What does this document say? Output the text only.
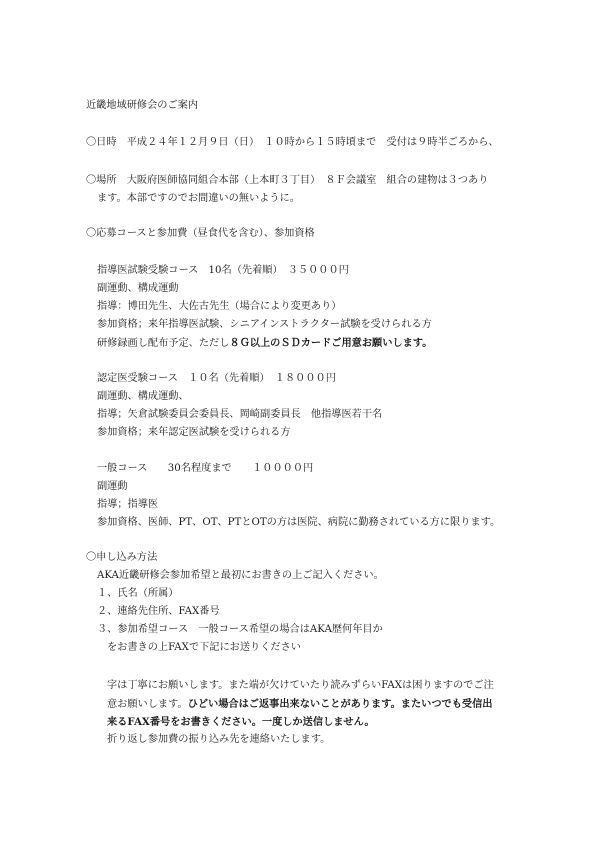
近畿地域研修会のご案内
〇日時　平成２４年１２月９日（日）　１０時から１５時頃まで　受付は９時半ごろから、
〇場所　大阪府医師協同組合本部（上本町３丁目）　８Ｆ会議室　組合の建物は３つあり
ます。本部ですのでお間違いの無いように。
〇応募コースと参加費（昼食代を含む）、参加資格
指導医試験受験コース　10名（先着順）　３５０００円
副運動、構成運動
指導：博田先生、大佐古先生（場合により変更あり）
参加資格；来年指導医試験、シニアインストラクター試験を受けられる方
研修録画し配布予定、ただし８Ｇ以上のＳＤカードご用意お願いします。
認定医受験コース　１０名（先着順）　１８０００円
副運動、構成運動、
指導；矢倉試験委員会委員長、岡崎副委員長　他指導医若干名
参加資格；来年認定医試験を受けられる方
一般コース　　30名程度まで　　１００００円
副運動
指導；指導医
参加資格、医師、PT、OT、PTとOTの方は医院、病院に勤務されている方に限ります。
〇申し込み方法
AKA近畿研修会参加希望と最初にお書きの上ご記入ください。
１、氏名（所属）
２、連絡先住所、FAX番号
３、参加希望コース　一般コース希望の場合はAKA歴何年目か
をお書きの上FAXで下記にお送りください
字は丁寧にお願いします。また端が欠けていたり読みずらいFAXは困りますのでご注
意お願いします。ひどい場合はご返事出来ないことがあります。またいつでも受信出
来るFAX番号をお書きください。一度しか送信しません。
折り返し参加費の振り込み先を連絡いたします。
